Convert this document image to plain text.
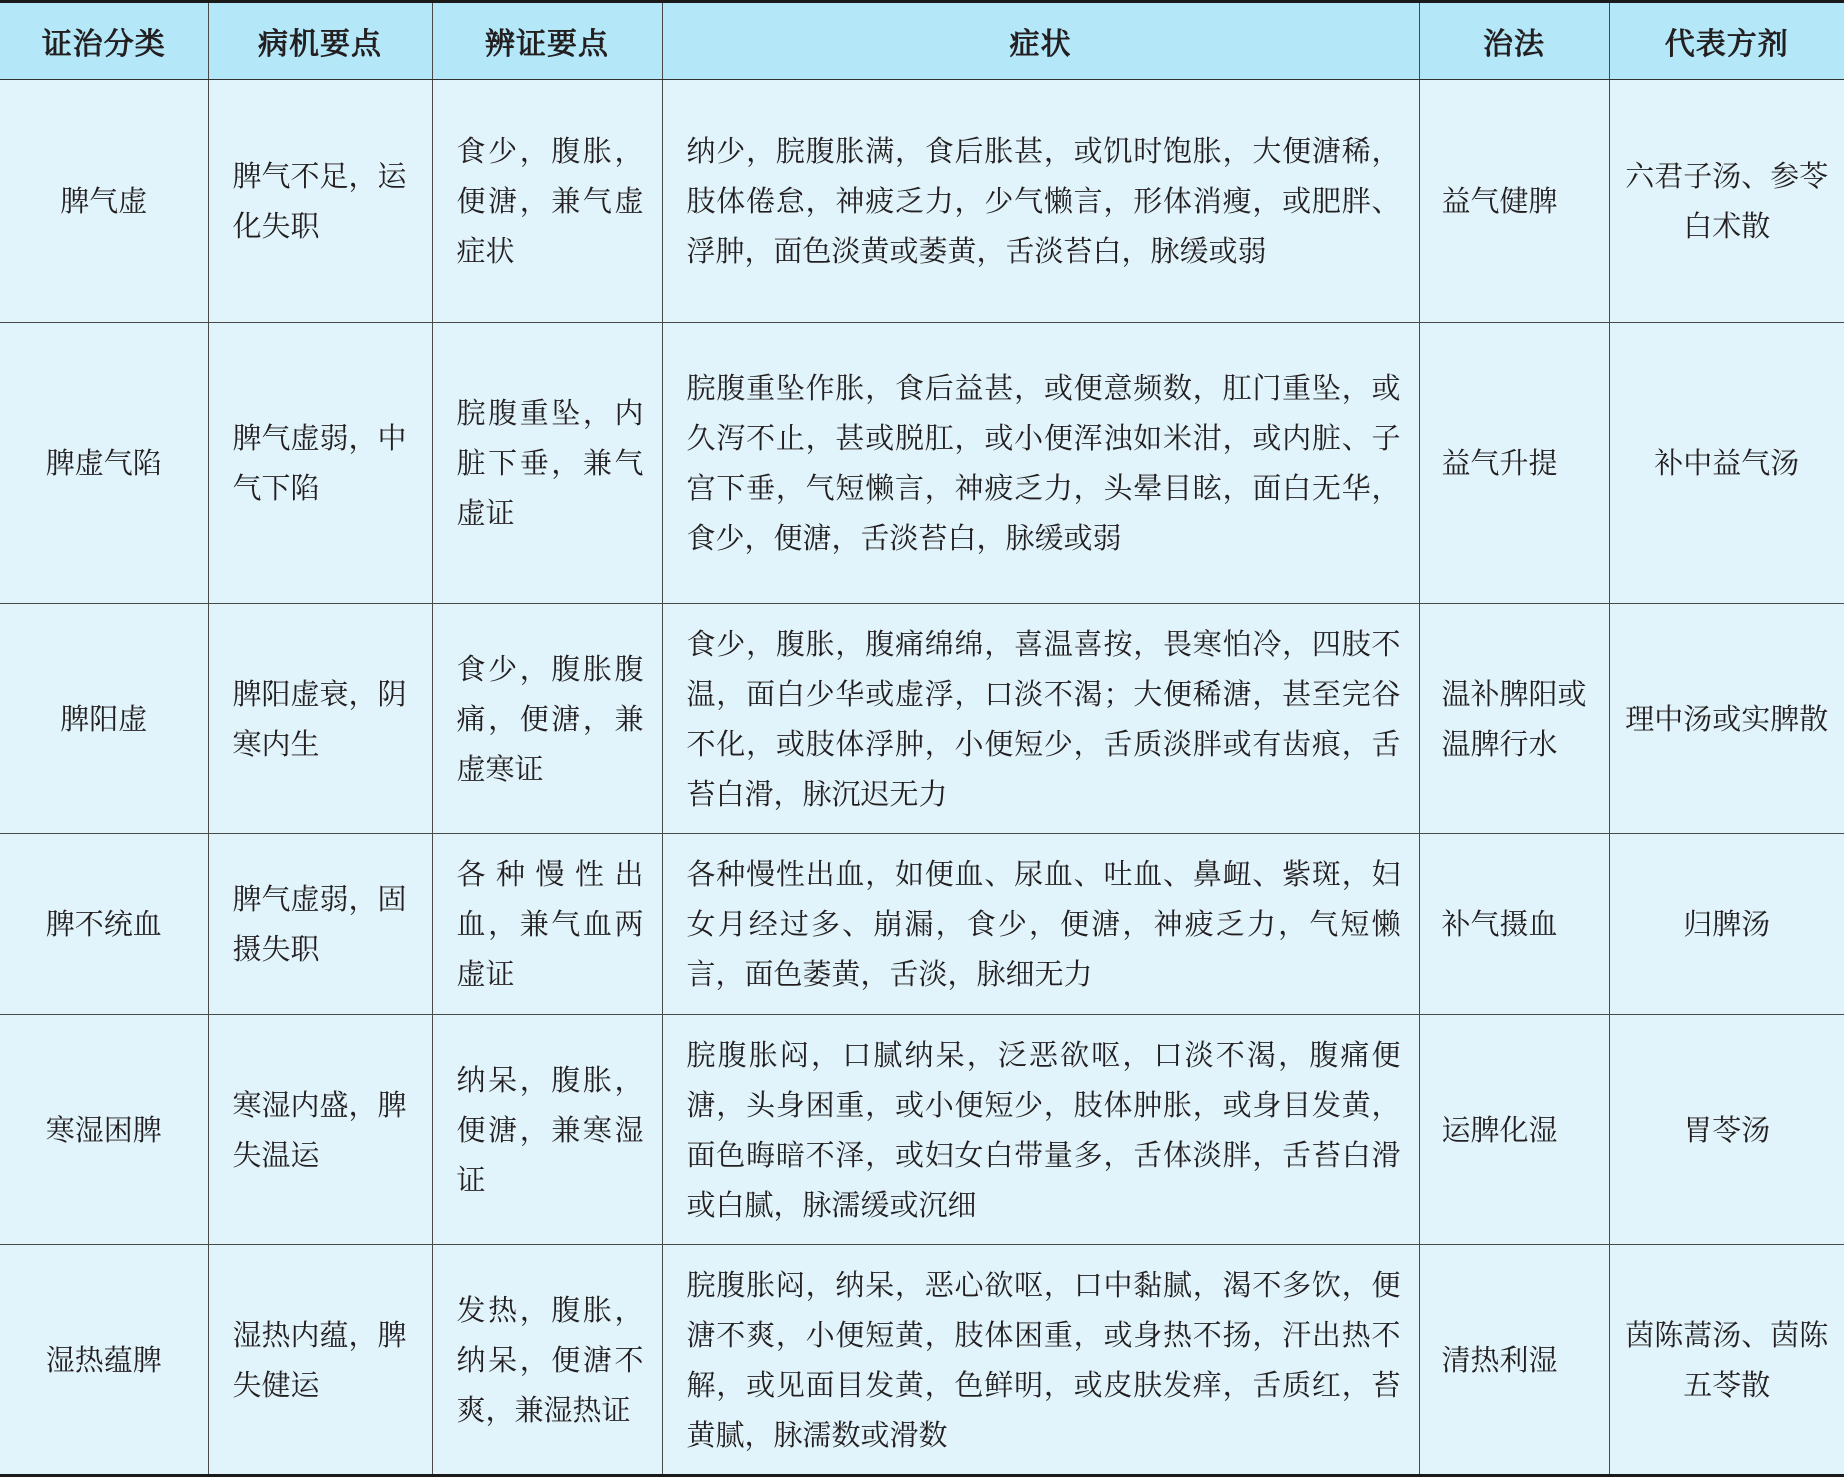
证治分类	病机要点	辨证要点	症状	治法	代表方剂
脾气虚	脾气不足，运化失职	食少，腹胀，便溏，兼气虚症状	纳少，脘腹胀满，食后胀甚，或饥时饱胀，大便溏稀，肢体倦怠，神疲乏力，少气懒言，形体消瘦，或肥胖、浮肿，面色淡黄或萎黄，舌淡苔白，脉缓或弱	益气健脾	六君子汤、参苓白术散
脾虚气陷	脾气虚弱，中气下陷	脘腹重坠，内脏下垂，兼气虚证	脘腹重坠作胀，食后益甚，或便意频数，肛门重坠，或久泻不止，甚或脱肛，或小便浑浊如米泔，或内脏、子宫下垂，气短懒言，神疲乏力，头晕目眩，面白无华，食少，便溏，舌淡苔白，脉缓或弱	益气升提	补中益气汤
脾阳虚	脾阳虚衰，阴寒内生	食少，腹胀腹痛，便溏，兼虚寒证	食少，腹胀，腹痛绵绵，喜温喜按，畏寒怕冷，四肢不温，面白少华或虚浮，口淡不渴；大便稀溏，甚至完谷不化，或肢体浮肿，小便短少，舌质淡胖或有齿痕，舌苔白滑，脉沉迟无力	温补脾阳或温脾行水	理中汤或实脾散
脾不统血	脾气虚弱，固摄失职	各种慢性出血，兼气血两虚证	各种慢性出血，如便血、尿血、吐血、鼻衄、紫斑，妇女月经过多、崩漏，食少，便溏，神疲乏力，气短懒言，面色萎黄，舌淡，脉细无力	补气摄血	归脾汤
寒湿困脾	寒湿内盛，脾失温运	纳呆，腹胀，便溏，兼寒湿证	脘腹胀闷，口腻纳呆，泛恶欲呕，口淡不渴，腹痛便溏，头身困重，或小便短少，肢体肿胀，或身目发黄，面色晦暗不泽，或妇女白带量多，舌体淡胖，舌苔白滑或白腻，脉濡缓或沉细	运脾化湿	胃苓汤
湿热蕴脾	湿热内蕴，脾失健运	发热，腹胀，纳呆，便溏不爽，兼湿热证	脘腹胀闷，纳呆，恶心欲呕，口中黏腻，渴不多饮，便溏不爽，小便短黄，肢体困重，或身热不扬，汗出热不解，或见面目发黄，色鲜明，或皮肤发痒，舌质红，苔黄腻，脉濡数或滑数	清热利湿	茵陈蒿汤、茵陈五苓散
